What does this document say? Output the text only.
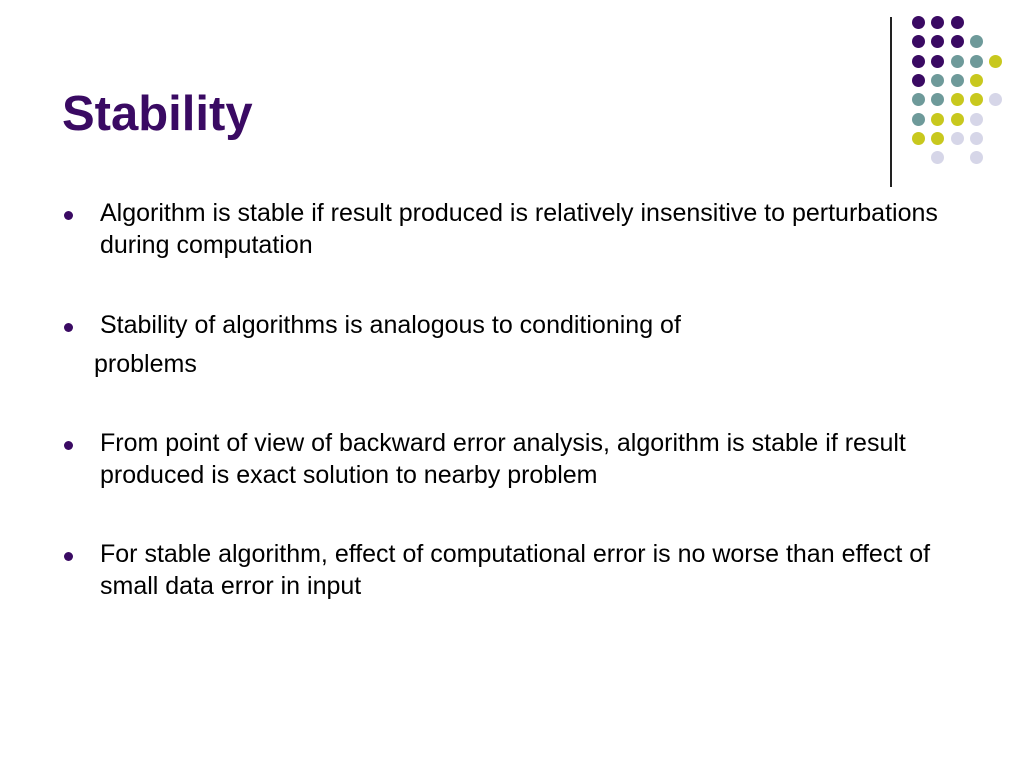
Stability
Algorithm is stable if result produced is relatively insensitive to perturbations during computation
Stability of algorithms is analogous to conditioning of
problems
From point of view of backward error analysis, algorithm is stable if result produced is exact solution to nearby problem
For stable algorithm, effect of computational error is no worse than effect of small data error in input
